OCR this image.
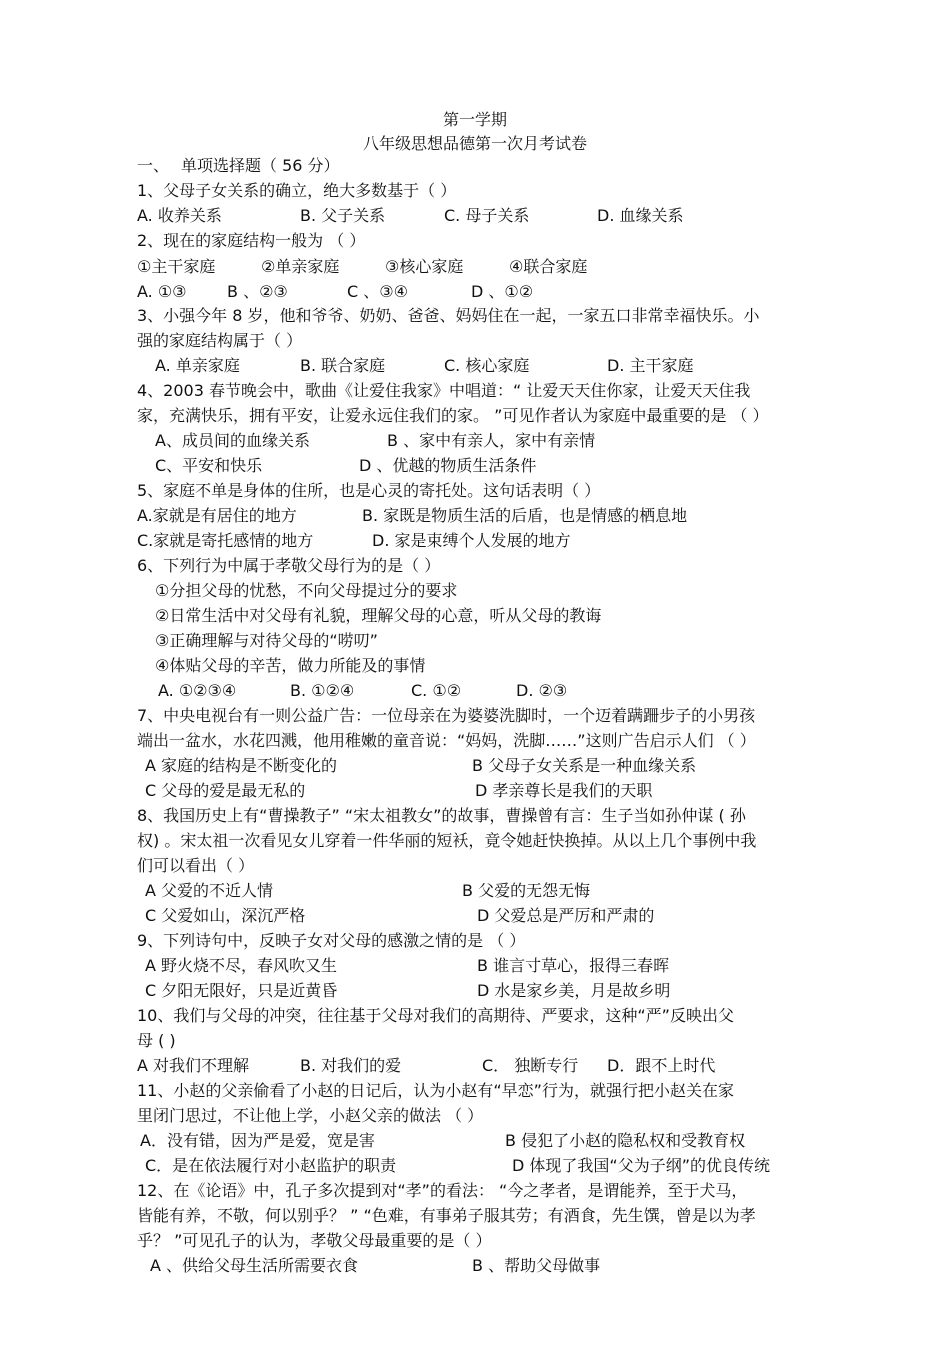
第一学期
八年级思想品德第一次月考试卷
一、 单项选择题（ 56 分）
1、父母子女关系的确立，绝大多数基于（ ）
A. 收养关系	B. 父子关系	C. 母子关系	D. 血缘关系
2、现在的家庭结构一般为 （ ）
①主干家庭	②单亲家庭	③核心家庭	④联合家庭
A. ①③	B 、②③	C 、③④	D 、①②
3、小强今年 8 岁，他和爷爷、奶奶、爸爸、妈妈住在一起，一家五口非常幸福快乐。小
强的家庭结构属于（ ）
A. 单亲家庭	B. 联合家庭	C. 核心家庭	D. 主干家庭
4、2003 春节晚会中，歌曲《让爱住我家》中唱道：“ 让爱天天住你家，让爱天天住我
家，充满快乐，拥有平安，让爱永远住我们的家。 ”可见作者认为家庭中最重要的是 （ ）
A、成员间的血缘关系	B 、家中有亲人，家中有亲情
C、平安和快乐	D 、优越的物质生活条件
5、家庭不单是身体的住所，也是心灵的寄托处。这句话表明（ ）
A.家就是有居住的地方	B. 家既是物质生活的后盾，也是情感的栖息地
C.家就是寄托感情的地方	D. 家是束缚个人发展的地方
6、下列行为中属于孝敬父母行为的是（ ）
①分担父母的忧愁，不向父母提过分的要求
②日常生活中对父母有礼貌，理解父母的心意，听从父母的教诲
③正确理解与对待父母的“唠叨”
④体贴父母的辛苦，做力所能及的事情
A. ①②③④	B. ①②④	C. ①②	D. ②③
7、中央电视台有一则公益广告：一位母亲在为婆婆洗脚时，一个迈着蹒跚步子的小男孩
端出一盆水，水花四溅，他用稚嫩的童音说：“妈妈，洗脚……”这则广告启示人们 （ ）
A 家庭的结构是不断变化的	B 父母子女关系是一种血缘关系
C 父母的爱是最无私的	D 孝亲尊长是我们的天职
8、我国历史上有“曹操教子” “宋太祖教女”的故事，曹操曾有言：生子当如孙仲谋 ( 孙
权) 。宋太祖一次看见女儿穿着一件华丽的短袄，竟令她赶快换掉。从以上几个事例中我
们可以看出（ ）
A 父爱的不近人情	B 父爱的无怨无悔
C 父爱如山，深沉严格	D 父爱总是严厉和严肃的
9、下列诗句中，反映子女对父母的感激之情的是 （ ）
A 野火烧不尽，春风吹又生	B 谁言寸草心，报得三春晖
C 夕阳无限好，只是近黄昏	D 水是家乡美，月是故乡明
10、我们与父母的冲突，往往基于父母对我们的高期待、严要求，这种“严”反映出父
母 ( )
A 对我们不理解	B. 对我们的爱	C． 独断专行 D．跟不上时代
11、小赵的父亲偷看了小赵的日记后，认为小赵有“早恋”行为，就强行把小赵关在家
里闭门思过，不让他上学，小赵父亲的做法 （ ）
A．没有错，因为严是爱，宽是害	B 侵犯了小赵的隐私权和受教育权
C．是在依法履行对小赵监护的职责	D 体现了我国“父为子纲”的优良传统
12、在《论语》中，孔子多次提到对“孝”的看法： “今之孝者，是谓能养，至于犬马，
皆能有养，不敬，何以别乎？ ” “色难，有事弟子服其劳；有酒食，先生馔，曾是以为孝
乎？ ”可见孔子的认为，孝敬父母最重要的是（ ）
A 、供给父母生活所需要衣食	B 、帮助父母做事
